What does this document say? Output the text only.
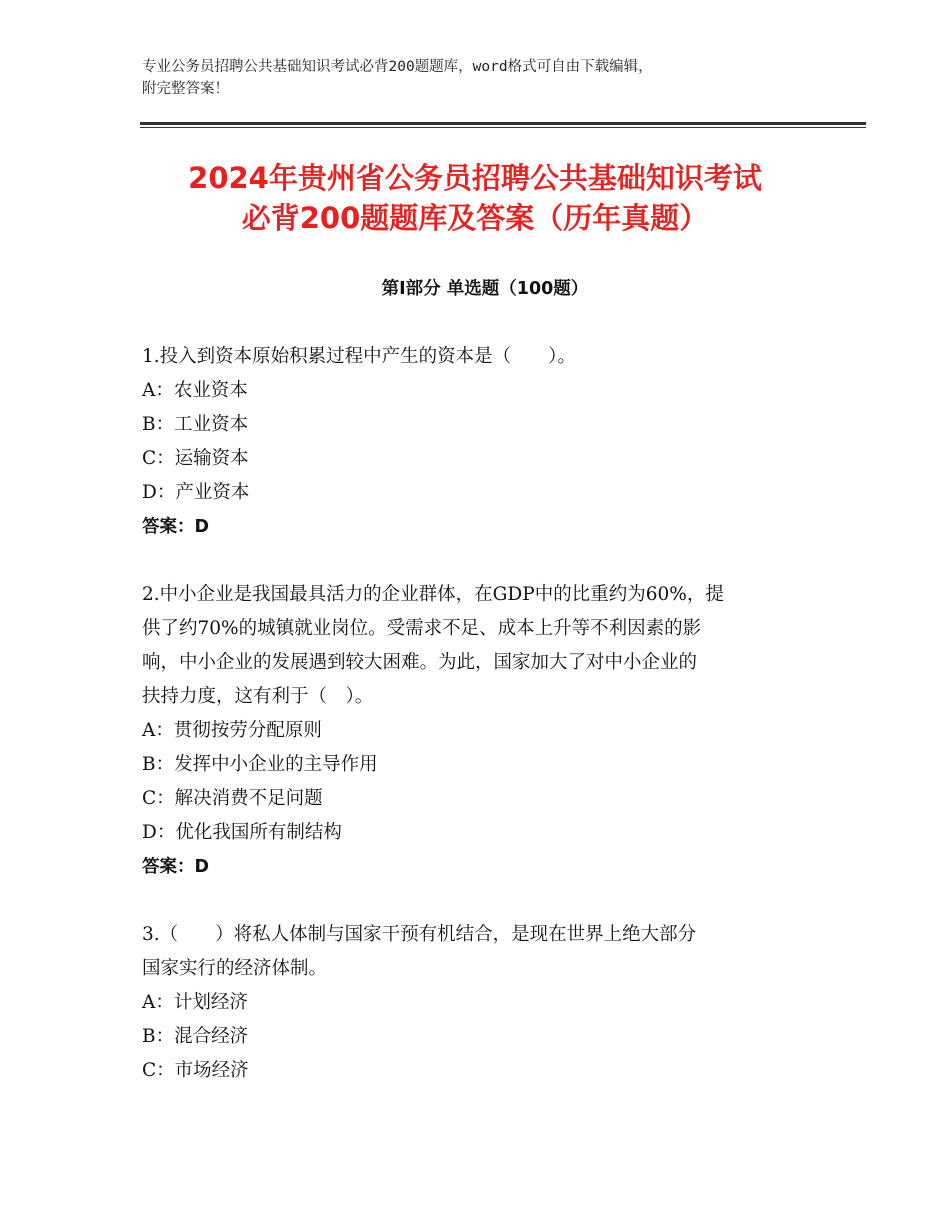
专业公务员招聘公共基础知识考试必背200题题库，word格式可自由下载编辑，
附完整答案！
2024年贵州省公务员招聘公共基础知识考试
必背200题题库及答案（历年真题）
第I部分 单选题（100题）

1.投入到资本原始积累过程中产生的资本是（　　）。

A：农业资本

B：工业资本

C：运输资本

D：产业资本

答案：D

2.中小企业是我国最具活力的企业群体，在GDP中的比重约为60%，提

供了约70%的城镇就业岗位。受需求不足、成本上升等不利因素的影

响，中小企业的发展遇到较大困难。为此，国家加大了对中小企业的

扶持力度，这有利于（　）。

A：贯彻按劳分配原则

B：发挥中小企业的主导作用

C：解决消费不足问题

D：优化我国所有制结构

答案：D

3.（　　）将私人体制与国家干预有机结合，是现在世界上绝大部分

国家实行的经济体制。

A：计划经济

B：混合经济

C：市场经济
